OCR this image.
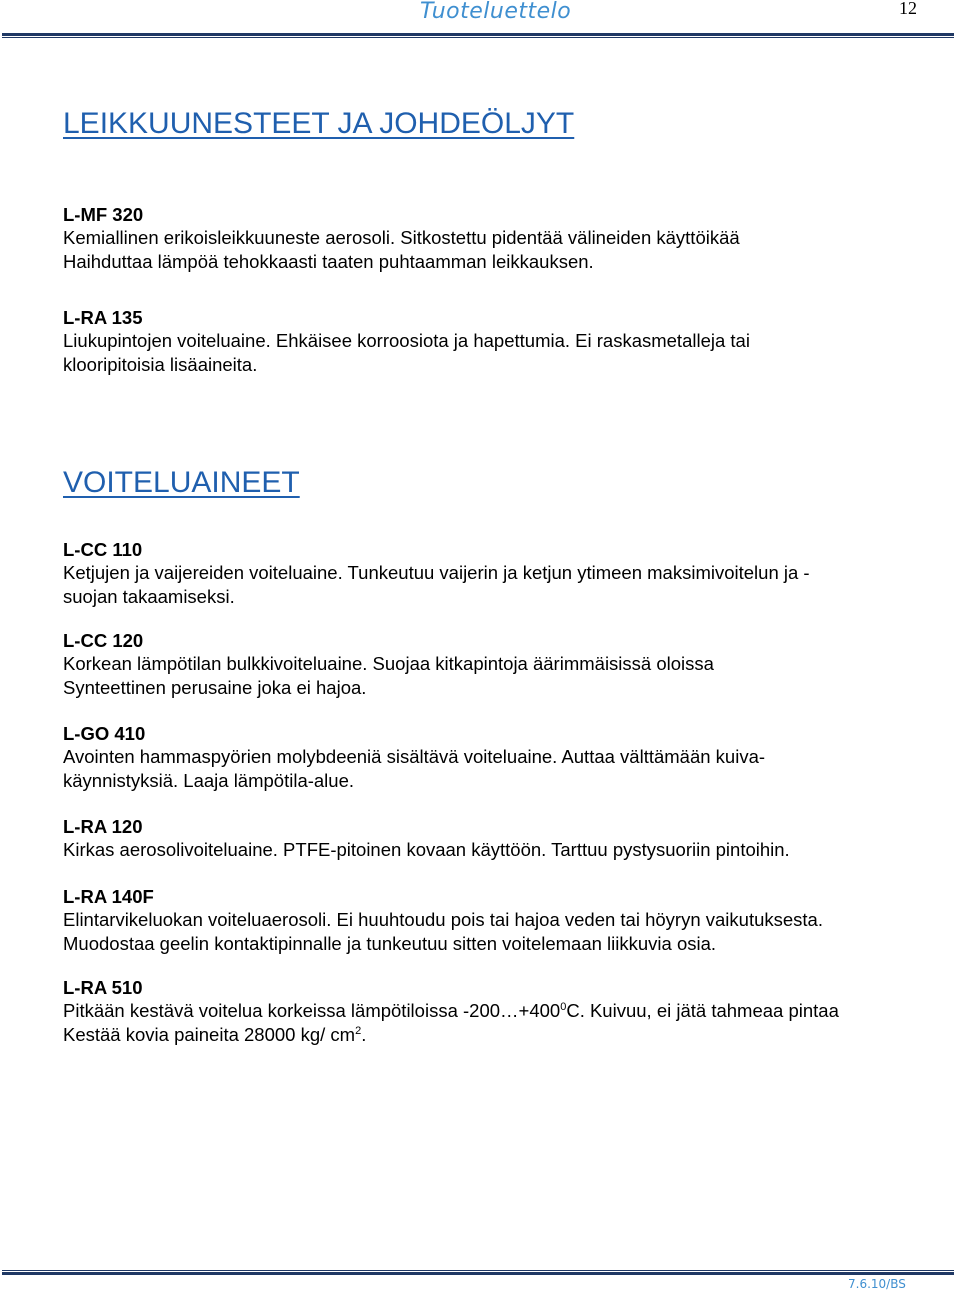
Tuoteluettelo	12
LEIKKUUNESTEET JA JOHDEÖLJYT
L-MF 320
Kemiallinen erikoisleikkuuneste aerosoli. Sitkostettu pidentää välineiden käyttöikää
Haihduttaa lämpöä tehokkaasti taaten puhtaamman leikkauksen.
L-RA 135
Liukupintojen voiteluaine. Ehkäisee korroosiota ja hapettumia. Ei raskasmetalleja tai
klooripitoisia lisäaineita.
VOITELUAINEET
L-CC 110
Ketjujen ja vaijereiden voiteluaine. Tunkeutuu vaijerin ja ketjun ytimeen maksimivoitelun ja -
suojan takaamiseksi.
L-CC 120
Korkean lämpötilan bulkkivoiteluaine. Suojaa kitkapintoja äärimmäisissä oloissa
Synteettinen perusaine joka ei hajoa.
L-GO 410
Avointen hammaspyörien molybdeeniä sisältävä voiteluaine. Auttaa välttämään kuiva-
käynnistyksiä. Laaja lämpötila-alue.
L-RA 120
Kirkas aerosolivoiteluaine. PTFE-pitoinen kovaan käyttöön. Tarttuu pystysuoriin pintoihin.
L-RA 140F
Elintarvikeluokan voiteluaerosoli. Ei huuhtoudu pois tai hajoa veden tai höyryn vaikutuksesta.
Muodostaa geelin kontaktipinnalle ja tunkeutuu sitten voitelemaan liikkuvia osia.
L-RA 510
Pitkään kestävä voitelua korkeissa lämpötiloissa $-200\dots+400^0C$. Kuivuu, ei jätä tahmeaa pintaa
Kestää kovia paineita 28000 kg/ $cm^2$.
7.6.10/BS
